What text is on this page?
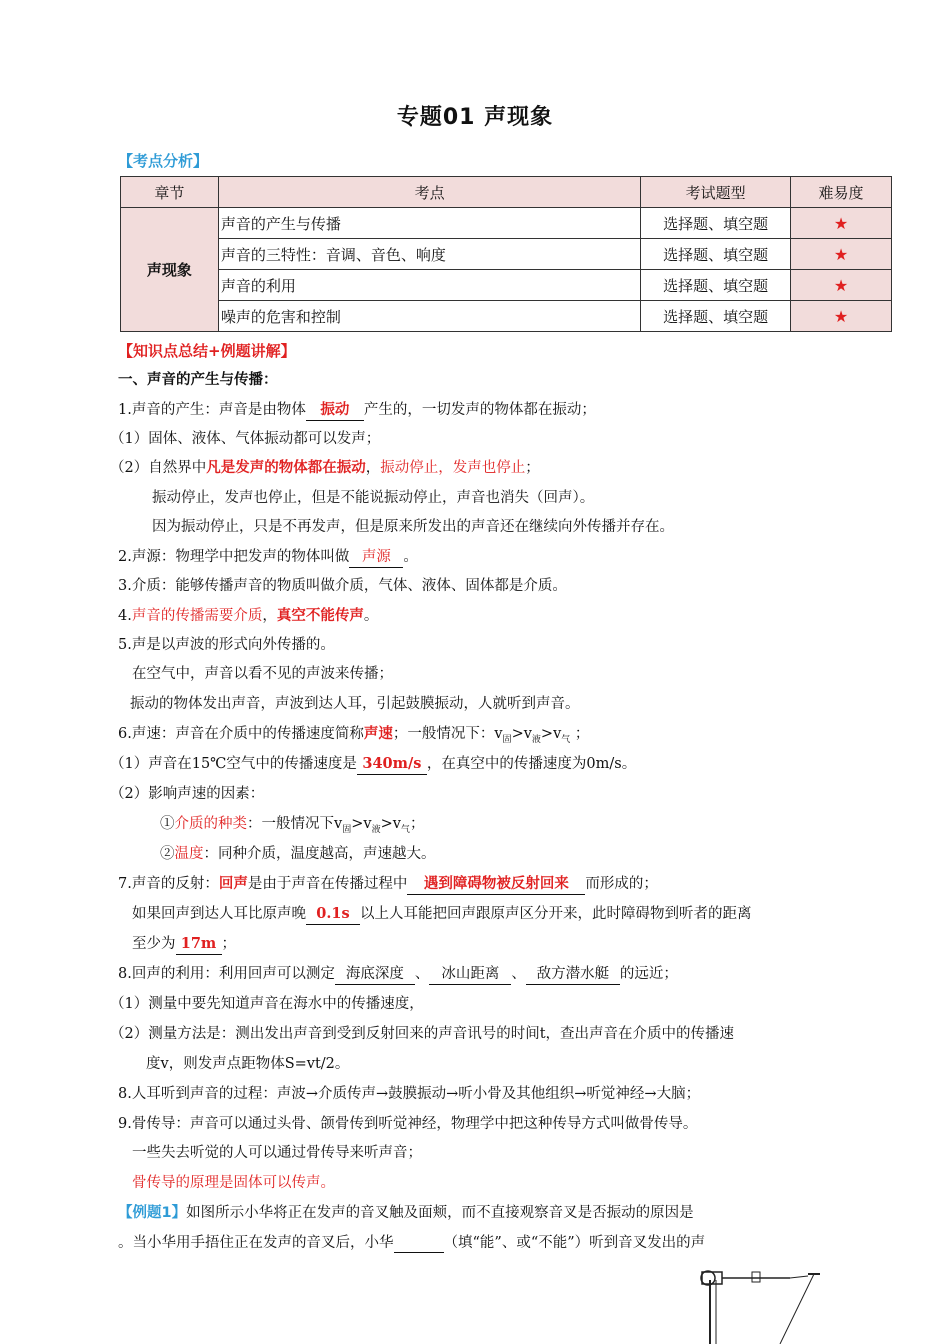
专题01 声现象
【考点分析】
章节	考点	考试题型	难易度
声现象	声音的产生与传播	选择题、填空题	★
	声音的三特性：音调、音色、响度	选择题、填空题	★
	声音的利用	选择题、填空题	★
	噪声的危害和控制	选择题、填空题	★
【知识点总结+例题讲解】
一、声音的产生与传播：
1.声音的产生：声音是由物体 振动 产生的，一切发声的物体都在振动；
（1）固体、液体、气体振动都可以发声；
（2）自然界中凡是发声的物体都在振动，振动停止，发声也停止；
振动停止，发声也停止，但是不能说振动停止，声音也消失（回声）。
因为振动停止，只是不再发声，但是原来所发出的声音还在继续向外传播并存在。
2.声源：物理学中把发声的物体叫做 声源 。
3.介质：能够传播声音的物质叫做介质，气体、液体、固体都是介质。
4.声音的传播需要介质，真空不能传声。
5.声是以声波的形式向外传播的。
在空气中，声音以看不见的声波来传播；
振动的物体发出声音，声波到达人耳，引起鼓膜振动，人就听到声音。
6.声速：声音在介质中的传播速度简称声速；一般情况下：$v_固>v_液>v_气$ ；
（1）声音在15℃空气中的传播速度是 340m/s ，在真空中的传播速度为0m/s。
（2）影响声速的因素：
①介质的种类：一般情况下$v_固>v_液>v_气$；
②温度：同种介质，温度越高，声速越大。
7.声音的反射：回声是由于声音在传播过程中 遇到障碍物被反射回来 而形成的；
如果回声到达人耳比原声晚 0.1s 以上人耳能把回声跟原声区分开来，此时障碍物到听者的距离
至少为 17m ；
8.回声的利用：利用回声可以测定 海底深度 、 冰山距离 、 敌方潜水艇 的远近；
（1）测量中要先知道声音在海水中的传播速度，
（2）测量方法是：测出发出声音到受到反射回来的声音讯号的时间t，查出声音在介质中的传播速
度v，则发声点距物体S=vt/2。
8.人耳听到声音的过程：声波→介质传声→鼓膜振动→听小骨及其他组织→听觉神经→大脑；
9.骨传导：声音可以通过头骨、颌骨传到听觉神经，物理学中把这种传导方式叫做骨传导。
一些失去听觉的人可以通过骨传导来听声音；
骨传导的原理是固体可以传声。
【例题1】如图所示小华将正在发声的音叉触及面颊，而不直接观察音叉是否振动的原因是
。当小华用手捂住正在发声的音叉后，小华	（填“能”、或“不能”）听到音叉发出的声
